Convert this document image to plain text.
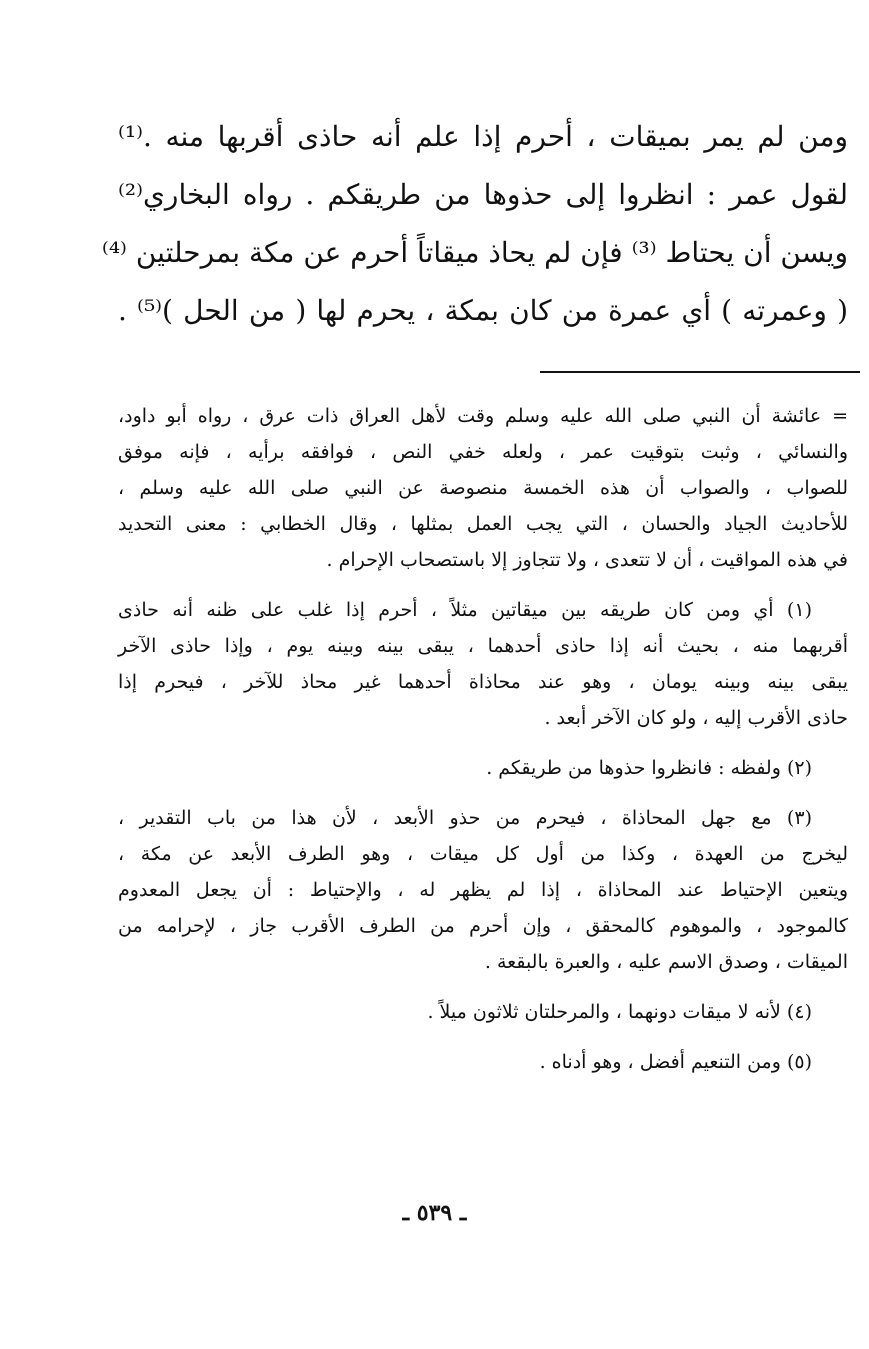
ومن لم يمر بميقات ، أحرم إذا علم أنه حاذى أقربها منه .⁽¹⁾
لقول عمر : انظروا إلى حذوها من طريقكم . رواه البخاري⁽²⁾
ويسن أن يحتاط ⁽³⁾ فإن لم يحاذ ميقاتاً أحرم عن مكة بمرحلتين ⁽⁴⁾
( وعمرته ) أي عمرة من كان بمكة ، يحرم لها ( من الحل )⁽⁵⁾ .
= عائشة أن النبي صلى الله عليه وسلم وقت لأهل العراق ذات عرق ، رواه أبو داود،
والنسائي ، وثبت بتوقيت عمر ، ولعله خفي النص ، فوافقه برأيه ، فإنه موفق
للصواب ، والصواب أن هذه الخمسة منصوصة عن النبي صلى الله عليه وسلم ،
للأحاديث الجياد والحسان ، التي يجب العمل بمثلها ، وقال الخطابي : معنى التحديد
في هذه المواقيت ، أن لا تتعدى ، ولا تتجاوز إلا باستصحاب الإحرام .
(١) أي ومن كان طريقه بين ميقاتين مثلاً ، أحرم إذا غلب على ظنه أنه حاذى
أقربهما منه ، بحيث أنه إذا حاذى أحدهما ، يبقى بينه وبينه يوم ، وإذا حاذى الآخر
يبقى بينه وبينه يومان ، وهو عند محاذاة أحدهما غير محاذ للآخر ، فيحرم إذا
حاذى الأقرب إليه ، ولو كان الآخر أبعد .
(٢) ولفظه : فانظروا حذوها من طريقكم .
(٣) مع جهل المحاذاة ، فيحرم من حذو الأبعد ، لأن هذا من باب التقدير ،
ليخرج من العهدة ، وكذا من أول كل ميقات ، وهو الطرف الأبعد عن مكة ،
ويتعين الإحتياط عند المحاذاة ، إذا لم يظهر له ، والإحتياط : أن يجعل المعدوم
كالموجود ، والموهوم كالمحقق ، وإن أحرم من الطرف الأقرب جاز ، لإحرامه من
الميقات ، وصدق الاسم عليه ، والعبرة بالبقعة .
(٤) لأنه لا ميقات دونهما ، والمرحلتان ثلاثون ميلاً .
(٥) ومن التنعيم أفضل ، وهو أدناه .
ـ ٥٣٩ ـ
